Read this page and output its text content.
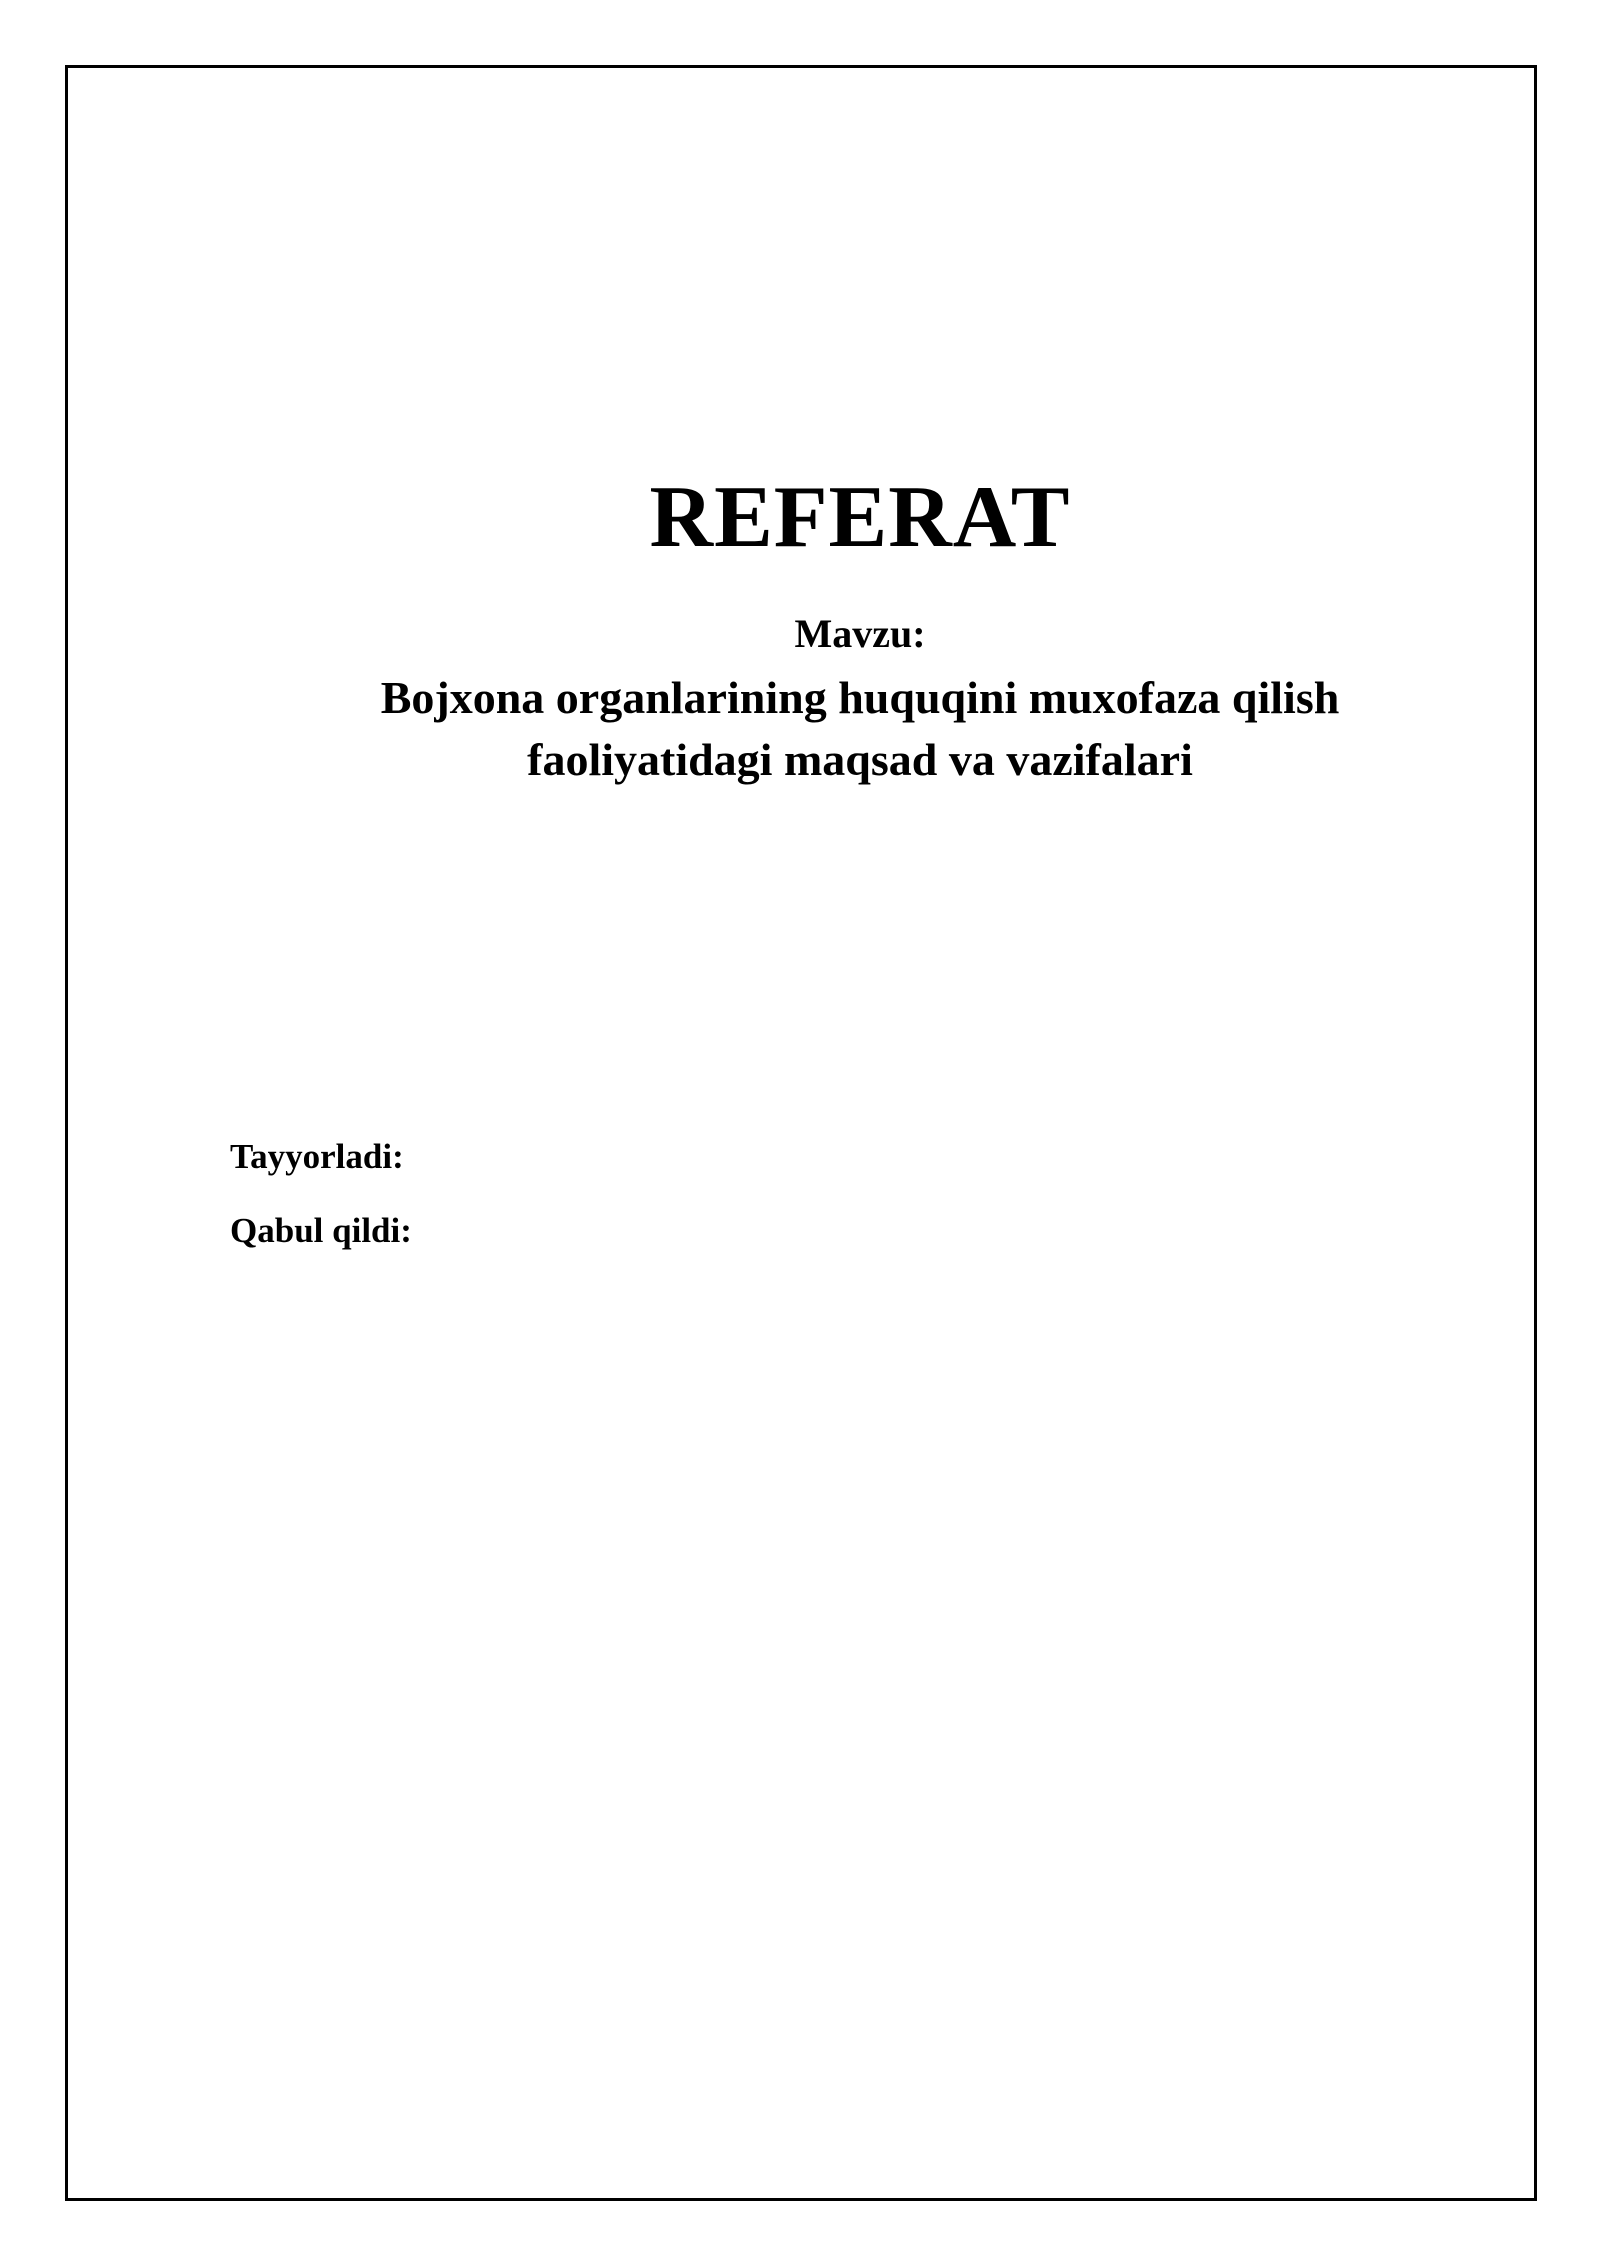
REFERAT

Mavzu:

Bojxona organlarining huquqini muxofaza qilish
faoliyatidagi maqsad va vazifalari

Tayyorladi:

Qabul qildi:
